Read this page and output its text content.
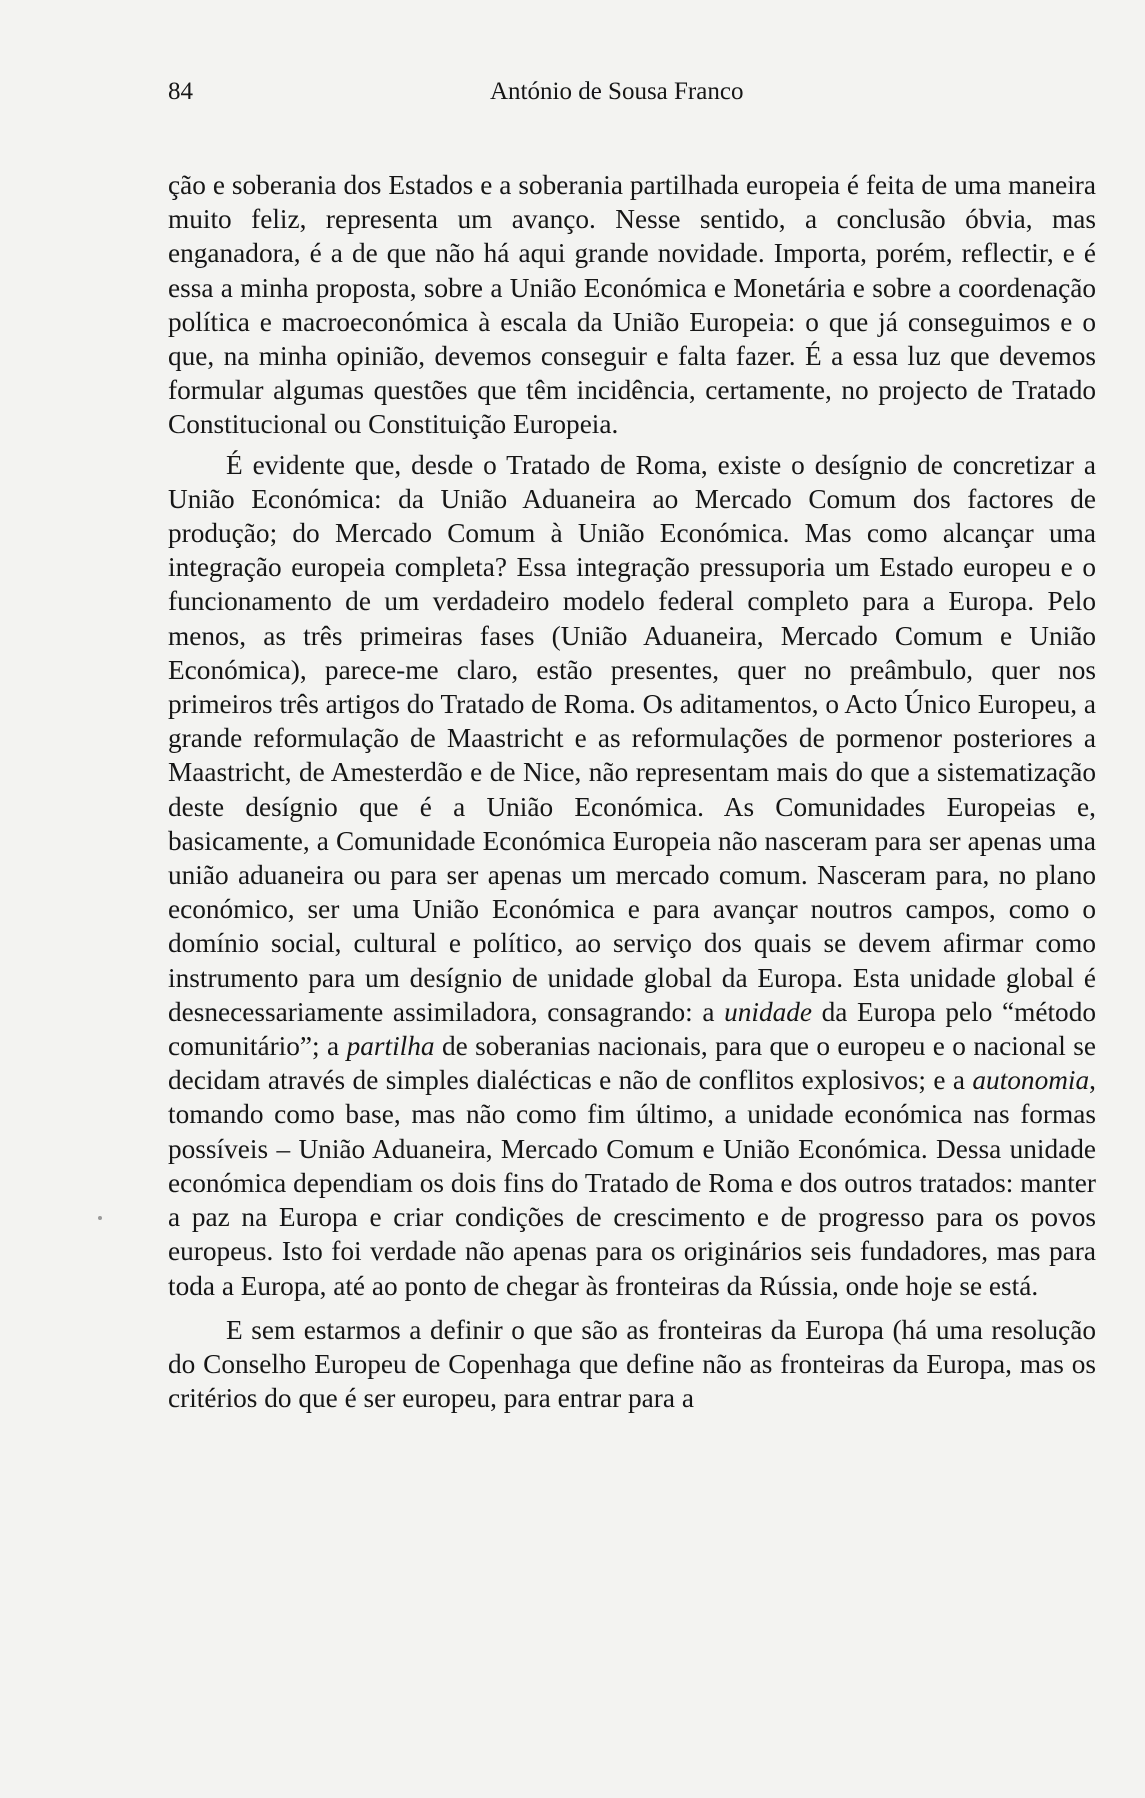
84	António de Sousa Franco

ção e soberania dos Estados e a soberania partilhada europeia é feita de uma maneira muito feliz, representa um avanço. Nesse sentido, a conclusão óbvia, mas enganadora, é a de que não há aqui grande novidade. Importa, porém, reflectir, e é essa a minha proposta, sobre a União Económica e Monetária e sobre a coordenação política e macroeconómica à escala da União Europeia: o que já conseguimos e o que, na minha opinião, devemos conseguir e falta fazer. É a essa luz que devemos formular algumas questões que têm incidência, certamente, no projecto de Tratado Constitucional ou Constituição Europeia.

É evidente que, desde o Tratado de Roma, existe o desígnio de concretizar a União Económica: da União Aduaneira ao Mercado Comum dos factores de produção; do Mercado Comum à União Económica. Mas como alcançar uma integração europeia completa? Essa integração pressuporia um Estado europeu e o funcionamento de um verdadeiro modelo federal completo para a Europa. Pelo menos, as três primeiras fases (União Aduaneira, Mercado Comum e União Económica), parece-me claro, estão presentes, quer no preâmbulo, quer nos primeiros três artigos do Tratado de Roma. Os aditamentos, o Acto Único Europeu, a grande reformulação de Maastricht e as reformulações de pormenor posteriores a Maastricht, de Amesterdão e de Nice, não representam mais do que a sistematização deste desígnio que é a União Económica. As Comunidades Europeias e, basicamente, a Comunidade Económica Europeia não nasceram para ser apenas uma união aduaneira ou para ser apenas um mercado comum. Nasceram para, no plano económico, ser uma União Económica e para avançar noutros campos, como o domínio social, cultural e político, ao serviço dos quais se devem afirmar como instrumento para um desígnio de unidade global da Europa. Esta unidade global é desnecessariamente assimiladora, consagrando: a unidade da Europa pelo “método comunitário”; a partilha de soberanias nacionais, para que o europeu e o nacional se decidam através de simples dialécticas e não de conflitos explosivos; e a autonomia, tomando como base, mas não como fim último, a unidade económica nas formas possíveis – União Aduaneira, Mercado Comum e União Económica. Dessa unidade económica dependiam os dois fins do Tratado de Roma e dos outros tratados: manter a paz na Europa e criar condições de crescimento e de progresso para os povos europeus. Isto foi verdade não apenas para os originários seis fundadores, mas para toda a Europa, até ao ponto de chegar às fronteiras da Rússia, onde hoje se está.

E sem estarmos a definir o que são as fronteiras da Europa (há uma resolução do Conselho Europeu de Copenhaga que define não as fronteiras da Europa, mas os critérios do que é ser europeu, para entrar para a
